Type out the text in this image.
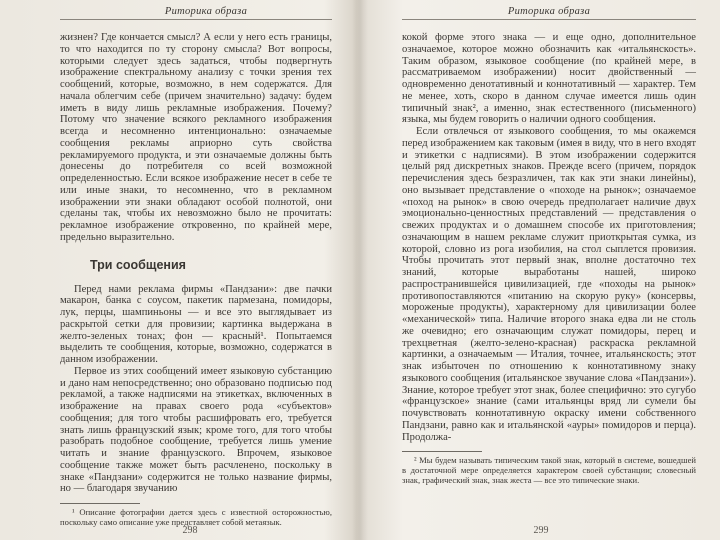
Риторика образа

жизнен? Где кончается смысл? А если у него есть границы, то что находится по ту сторону смысла? Вот вопросы, которыми следует здесь задаться, чтобы подвергнуть изображение спектральному анализу с точки зрения тех сообщений, которые, возможно, в нем содержатся. Для начала облегчим себе (причем значительно) задачу: будем иметь в виду лишь рекламные изображения. Почему? Потому что значение всякого рекламного изображения всегда и несомненно интенционально: означаемые сообщения рекламы априорно суть свойства рекламируемого продукта, и эти означаемые должны быть донесены до потребителя со всей возможной определенностью. Если всякое изображение несет в себе те или иные знаки, то несомненно, что в рекламном изображении эти знаки обладают особой полнотой, они сделаны так, чтобы их невозможно было не прочитать: рекламное изображение откровенно, по крайней мере, предельно выразительно.

Три сообщения

Перед нами реклама фирмы «Пандзани»: две пачки макарон, банка с соусом, пакетик пармезана, помидоры, лук, перцы, шампиньоны — и все это выглядывает из раскрытой сетки для провизии; картинка выдержана в желто-зеленых тонах; фон — красный¹. Попытаемся выделить те сообщения, которые, возможно, содержатся в данном изображении.

Первое из этих сообщений имеет языковую субстанцию и дано нам непосредственно; оно образовано подписью под рекламой, а также надписями на этикетках, включенных в изображение на правах своего рода «субъектов» сообщения; для того чтобы расшифровать его, требуется знать лишь французский язык; кроме того, для того чтобы разобрать подобное сообщение, требуется лишь умение читать и знание французского. Впрочем, языковое сообщение также может быть расчленено, поскольку в знаке «Пандзани» содержится не только название фирмы, но — благодаря звучанию

¹ Описание фотографии дается здесь с известной осторожностью, поскольку само описание уже представляет собой метаязык.
298
Риторика образа

кокой форме этого знака — и еще одно, дополнительное означаемое, которое можно обозначить как «итальянскость». Таким образом, языковое сообщение (по крайней мере, в рассматриваемом изображении) носит двойственный — одновременно денотативный и коннотативный — характер. Тем не менее, хоть, скоро в данном случае имеется лишь один типичный знак², а именно, знак естественного (письменного) языка, мы будем говорить о наличии одного сообщения.

Если отвлечься от языкового сообщения, то мы окажемся перед изображением как таковым (имея в виду, что в него входят и этикетки с надписями). В этом изображении содержится целый ряд дискретных знаков. Прежде всего (причем, порядок перечисления здесь безразличен, так как эти знаки линейны), оно вызывает представление о «походе на рынок»; означаемое «поход на рынок» в свою очередь предполагает наличие двух эмоционально-ценностных представлений — представления о свежих продуктах и о домашнем способе их приготовления; означающим в нашем рекламе служит приоткрытая сумка, из которой, словно из рога изобилия, на стол сыплется провизия. Чтобы прочитать этот первый знак, вполне достаточно тех знаний, которые выработаны нашей, широко распространившейся цивилизацией, где «походы на рынок» противопоставляются «питанию на скорую руку» (консервы, мороженые продукты), характерному для цивилизации более «механической» типа. Наличие второго знака едва ли не столь же очевидно; его означающим служат помидоры, перец и трехцветная (желто-зелено-красная) раскраска рекламной картинки, а означаемым — Италия, точнее, итальянскость; этот знак избыточен по отношению к коннотативному знаку языкового сообщения (итальянское звучание слова «Пандзани»). Знание, которое требует этот знак, более специфично: это сугубо «французское» знание (сами итальянцы вряд ли сумели бы почувствовать коннотативную окраску имени собственного Пандзани, равно как и итальянской «ауры» помидоров и перца). Продолжа-

² Мы будем называть типическим такой знак, который в системе, вошедшей в достаточной мере определяется характером своей субстанции; словесный знак, графический знак, знак жеста — все это типические знаки.
299
